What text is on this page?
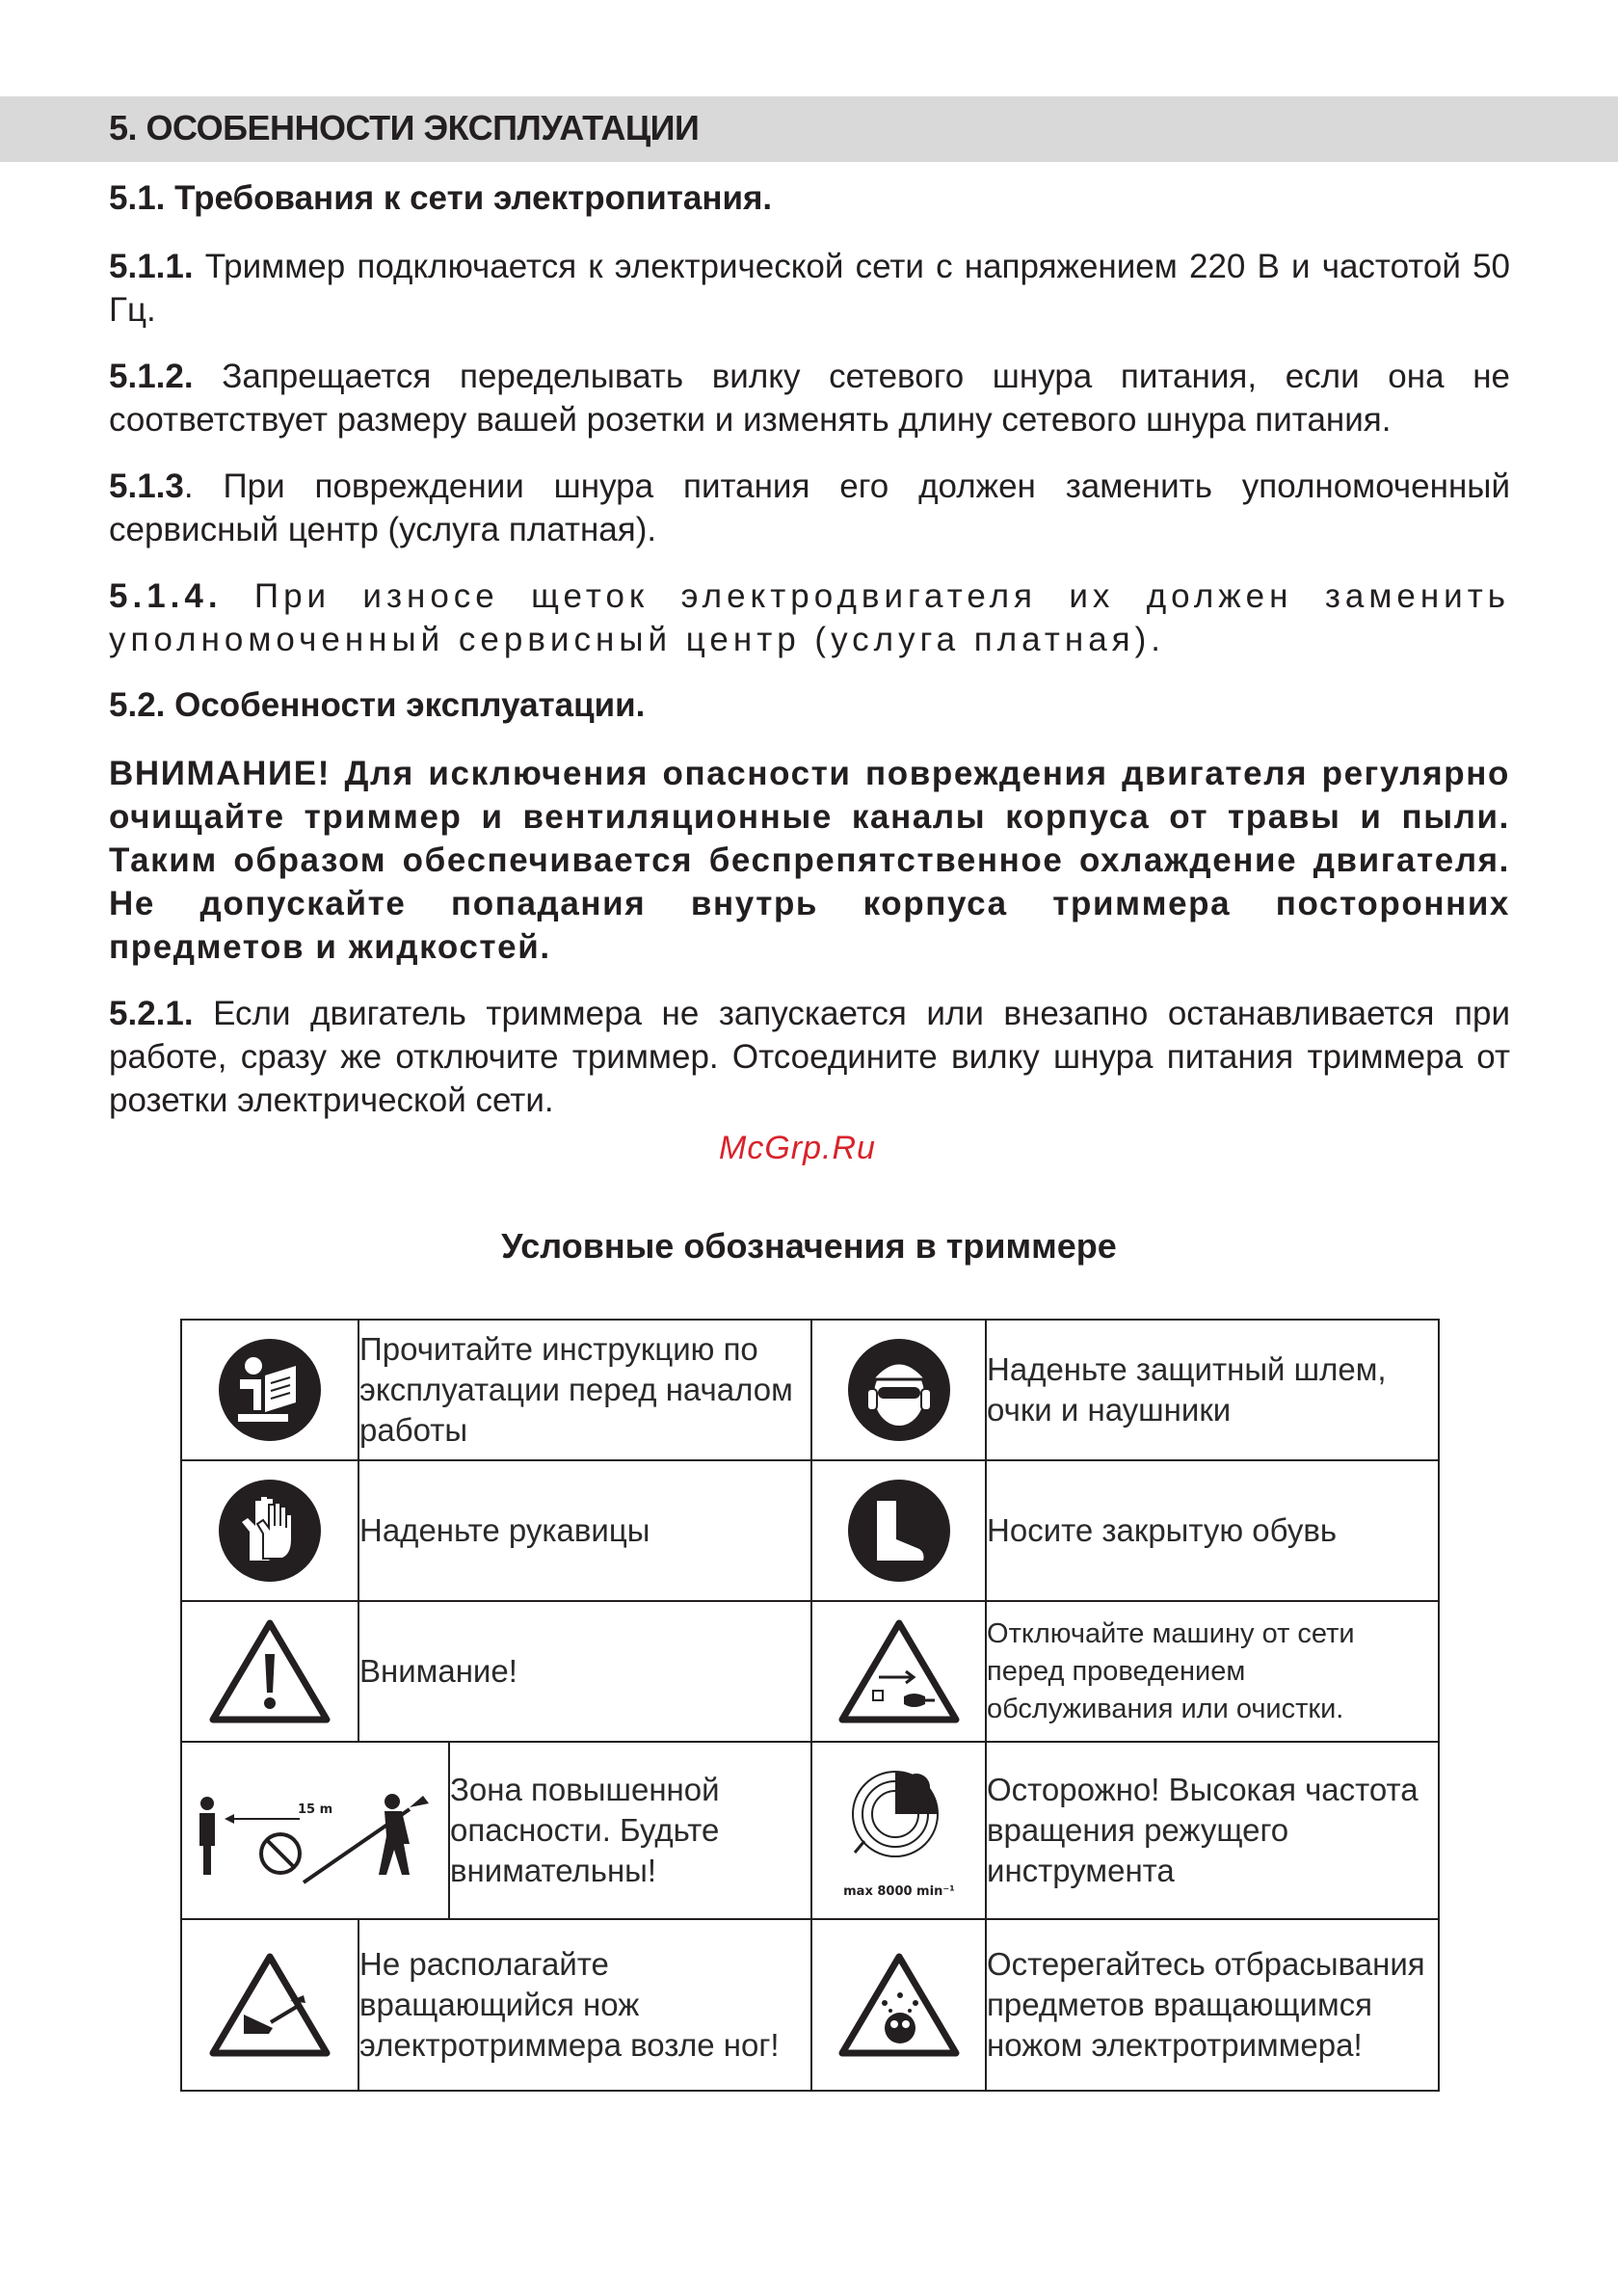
5. ОСОБЕННОСТИ ЭКСПЛУАТАЦИИ

5.1. Требования к сети электропитания.

5.1.1. Триммер подключается к электрической сети с напряжением 220 В и частотой 50 Гц.

5.1.2. Запрещается переделывать вилку сетевого шнура питания, если она не соответствует размеру вашей розетки и изменять длину сетевого шнура питания.

5.1.3. При повреждении шнура питания его должен заменить уполномоченный сервисный центр (услуга платная).

5.1.4. При износе щеток электродвигателя их должен заменить уполномоченный сервисный центр (услуга платная).

5.2. Особенности эксплуатации.

ВНИМАНИЕ! Для исключения опасности повреждения двигателя регулярно очищайте триммер и вентиляционные каналы корпуса от травы и пыли. Таким образом обеспечивается беспрепятственное охлаждение двигателя. Не допускайте попадания внутрь корпуса триммера посторонних предметов и жидкостей.

5.2.1. Если двигатель триммера не запускается или внезапно останавливается при работе, сразу же отключите триммер. Отсоедините вилку шнура питания триммера от розетки электрической сети.

McGrp.Ru

Условные обозначения в триммере

	Прочитайте инструкцию по эксплуатации перед началом работы			Наденьте защитный шлем, очки и наушники

	Наденьте рукавицы			Носите закрытую обувь

	Внимание!			Отключайте машину от сети перед проведением обслуживания или очистки.

15 m		Зона повышенной опасности. Будьте внимательны!	max 8000 min⁻¹	Осторожно! Высокая частота вращения режущего инструмента

	Не располагайте вращающийся нож электротриммера возле ног!			Остерегайтесь отбрасывания предметов вращающимся ножом электротриммера!
